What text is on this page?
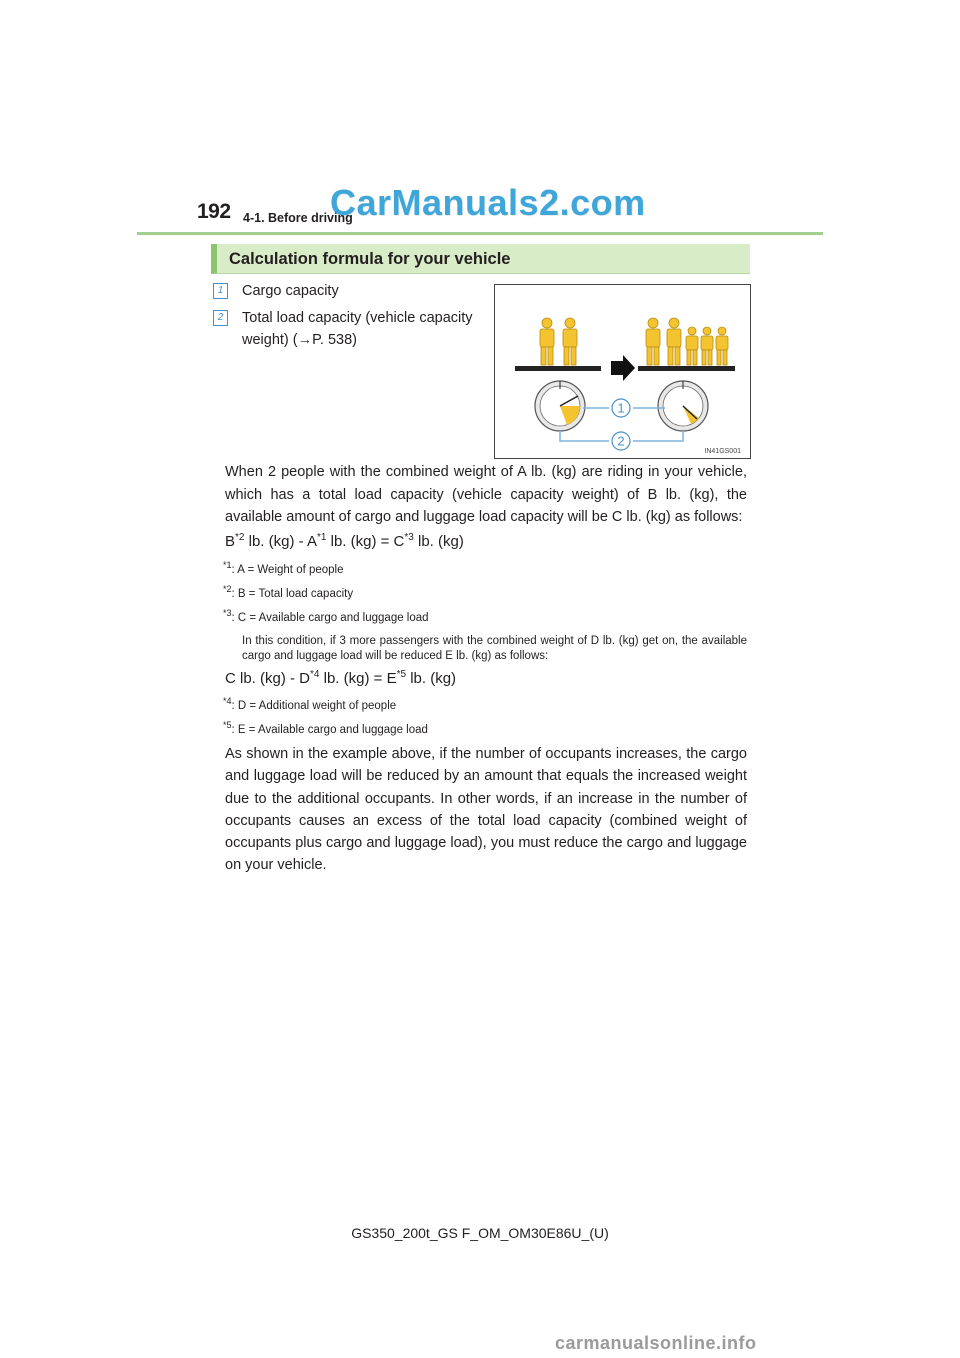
192 4-1. Before driving
CarManuals2.com
Calculation formula for your vehicle
1	Cargo capacity
2	Total load capacity (vehicle capacity
weight) (→P. 538)
1
2
IN41GS001
When 2 people with the combined weight of A lb. (kg) are riding in your vehicle, which has a total load capacity (vehicle capacity weight) of B lb. (kg), the available amount of cargo and luggage load capacity will be C lb. (kg) as follows:
$B^{*2}$ lb. $(kg) - A^{*1}$ lb. $(kg) = C^{*3}$ lb. (kg)
$^{*1}$: A = Weight of people
$^{*2}$: B = Total load capacity
$^{*3}$: C = Available cargo and luggage load
In this condition, if 3 more passengers with the combined weight of D lb. (kg) get on, the available cargo and luggage load will be reduced E lb. (kg) as follows:
C lb. $(kg) - D^{*4}$ lb. $(kg) = E^{*5}$ lb. (kg)
$^{*4}$: D = Additional weight of people
$^{*5}$: E = Available cargo and luggage load
As shown in the example above, if the number of occupants increases, the cargo and luggage load will be reduced by an amount that equals the increased weight due to the additional occupants. In other words, if an increase in the number of occupants causes an excess of the total load capacity (combined weight of occupants plus cargo and luggage load), you must reduce the cargo and luggage on your vehicle.
GS350_200t_GS F_OM_OM30E86U_(U)
carmanualsonline.info
